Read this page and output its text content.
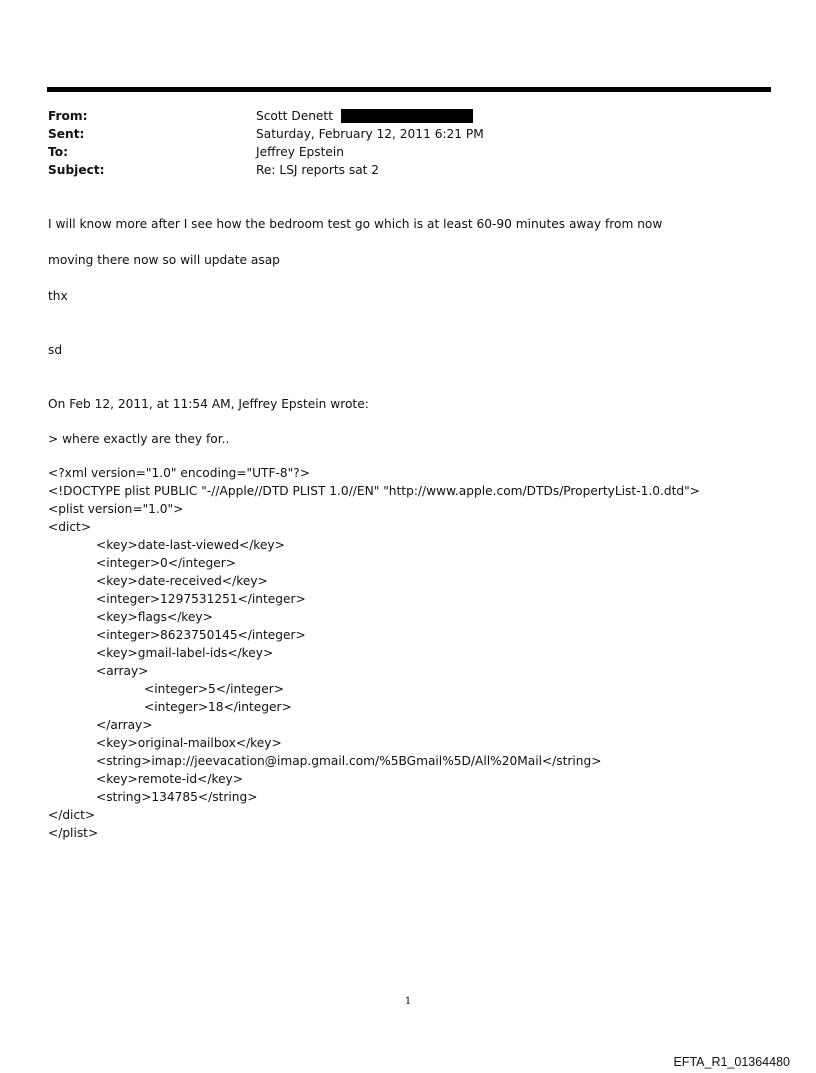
From:	Scott Denett
Sent:	Saturday, February 12, 2011 6:21 PM
To:	Jeffrey Epstein
Subject:	Re: LSJ reports sat 2
I will know more after I see how the bedroom test go which is at least 60-90 minutes away from now
moving there now so will update asap
thx
sd
On Feb 12, 2011, at 11:54 AM, Jeffrey Epstein wrote:
> where exactly are they for..
<?xml version="1.0" encoding="UTF-8"?>
<!DOCTYPE plist PUBLIC "-//Apple//DTD PLIST 1.0//EN" "http://www.apple.com/DTDs/PropertyList-1.0.dtd">
<plist version="1.0">
<dict>
<key>date-last-viewed</key>
<integer>0</integer>
<key>date-received</key>
<integer>1297531251</integer>
<key>flags</key>
<integer>8623750145</integer>
<key>gmail-label-ids</key>
<array>
<integer>5</integer>
<integer>18</integer>
</array>
<key>original-mailbox</key>
<string>imap://jeevacation@imap.gmail.com/%5BGmail%5D/All%20Mail</string>
<key>remote-id</key>
<string>134785</string>
</dict>
</plist>
1
EFTA_R1_01364480
